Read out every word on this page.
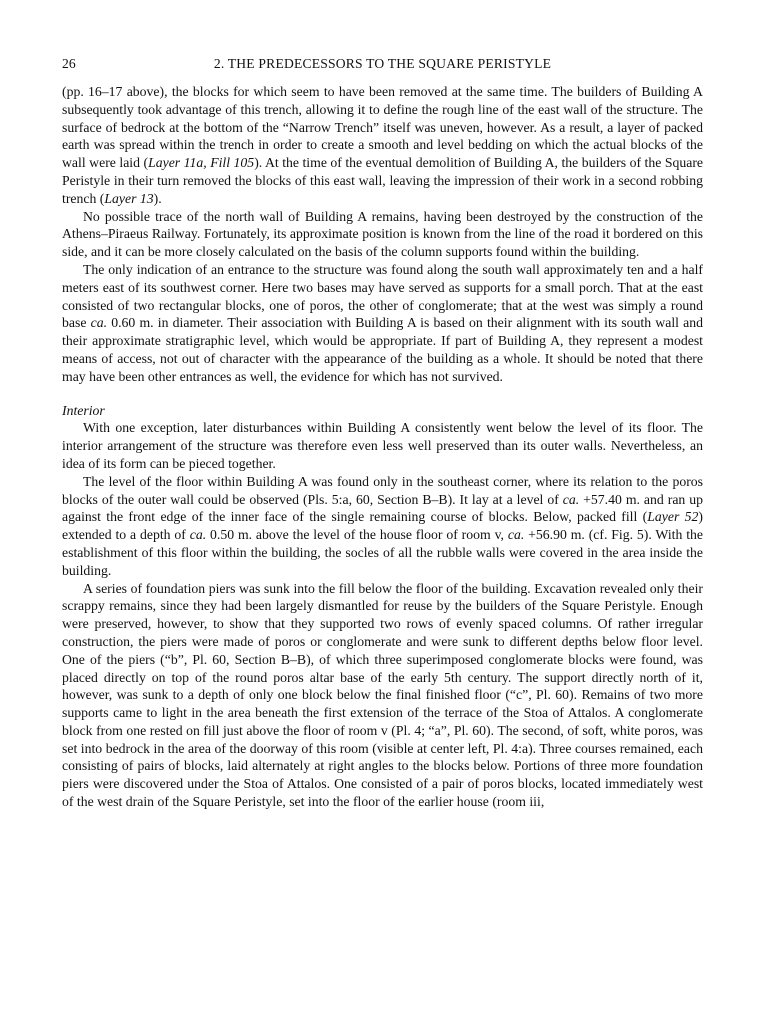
26	2. THE PREDECESSORS TO THE SQUARE PERISTYLE

(pp. 16–17 above), the blocks for which seem to have been removed at the same time. The builders of Building A subsequently took advantage of this trench, allowing it to define the rough line of the east wall of the structure. The surface of bedrock at the bottom of the “Narrow Trench” itself was uneven, however. As a result, a layer of packed earth was spread within the trench in order to create a smooth and level bedding on which the actual blocks of the wall were laid (Layer 11a, Fill 105). At the time of the eventual demolition of Building A, the builders of the Square Peristyle in their turn removed the blocks of this east wall, leaving the impression of their work in a second robbing trench (Layer 13).

No possible trace of the north wall of Building A remains, having been destroyed by the construction of the Athens–Piraeus Railway. Fortunately, its approximate position is known from the line of the road it bordered on this side, and it can be more closely calculated on the basis of the column supports found within the building.

The only indication of an entrance to the structure was found along the south wall approximately ten and a half meters east of its southwest corner. Here two bases may have served as supports for a small porch. That at the east consisted of two rectangular blocks, one of poros, the other of conglomerate; that at the west was simply a round base ca. 0.60 m. in diameter. Their association with Building A is based on their alignment with its south wall and their approximate stratigraphic level, which would be appropriate. If part of Building A, they represent a modest means of access, not out of character with the appearance of the building as a whole. It should be noted that there may have been other entrances as well, the evidence for which has not survived.

Interior

With one exception, later disturbances within Building A consistently went below the level of its floor. The interior arrangement of the structure was therefore even less well preserved than its outer walls. Nevertheless, an idea of its form can be pieced together.

The level of the floor within Building A was found only in the southeast corner, where its relation to the poros blocks of the outer wall could be observed (Pls. 5:a, 60, Section B–B). It lay at a level of ca. +57.40 m. and ran up against the front edge of the inner face of the single remaining course of blocks. Below, packed fill (Layer 52) extended to a depth of ca. 0.50 m. above the level of the house floor of room v, ca. +56.90 m. (cf. Fig. 5). With the establishment of this floor within the building, the socles of all the rubble walls were covered in the area inside the building.

A series of foundation piers was sunk into the fill below the floor of the building. Excavation revealed only their scrappy remains, since they had been largely dismantled for reuse by the builders of the Square Peristyle. Enough were preserved, however, to show that they supported two rows of evenly spaced columns. Of rather irregular construction, the piers were made of poros or conglomerate and were sunk to different depths below floor level. One of the piers (“b”, Pl. 60, Section B–B), of which three superimposed conglomerate blocks were found, was placed directly on top of the round poros altar base of the early 5th century. The support directly north of it, however, was sunk to a depth of only one block below the final finished floor (“c”, Pl. 60). Remains of two more supports came to light in the area beneath the first extension of the terrace of the Stoa of Attalos. A conglomerate block from one rested on fill just above the floor of room v (Pl. 4; “a”, Pl. 60). The second, of soft, white poros, was set into bedrock in the area of the doorway of this room (visible at center left, Pl. 4:a). Three courses remained, each consisting of pairs of blocks, laid alternately at right angles to the blocks below. Portions of three more foundation piers were discovered under the Stoa of Attalos. One consisted of a pair of poros blocks, located immediately west of the west drain of the Square Peristyle, set into the floor of the earlier house (room iii,
